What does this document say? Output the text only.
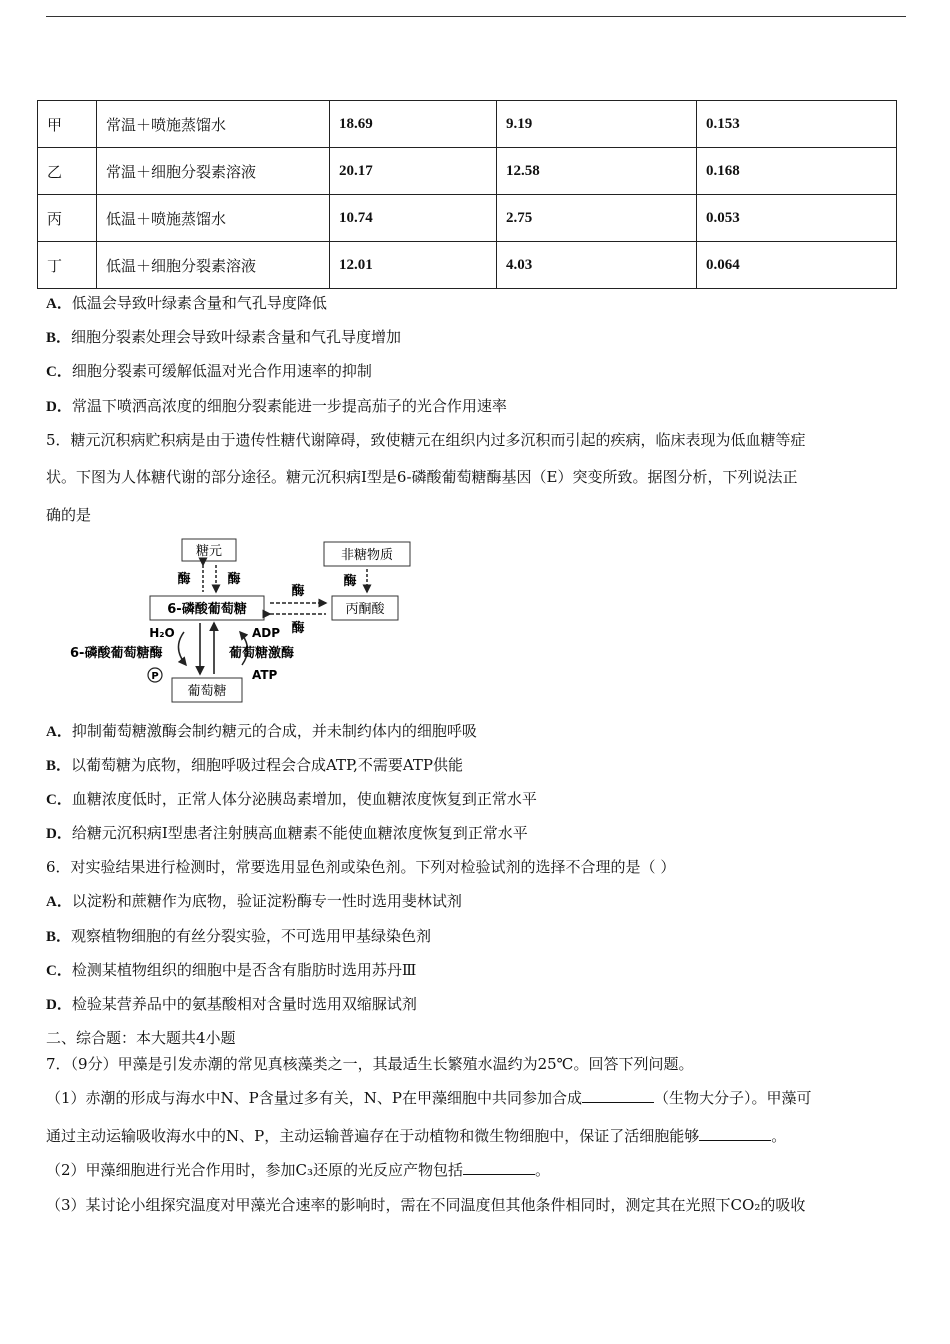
甲	常温＋喷施蒸馏水	18.69	9.19	0.153
乙	常温＋细胞分裂素溶液	20.17	12.58	0.168
丙	低温＋喷施蒸馏水	10.74	2.75	0.053
丁	低温＋细胞分裂素溶液	12.01	4.03	0.064
A．低温会导致叶绿素含量和气孔导度降低
B．细胞分裂素处理会导致叶绿素含量和气孔导度增加
C．细胞分裂素可缓解低温对光合作用速率的抑制
D．常温下喷洒高浓度的细胞分裂素能进一步提高茄子的光合作用速率
5．糖元沉积病贮积病是由于遗传性糖代谢障碍，致使糖元在组织内过多沉积而引起的疾病，临床表现为低血糖等症
状。下图为人体糖代谢的部分途径。糖元沉积病Ⅰ型是6-磷酸葡萄糖酶基因（E）突变所致。据图分析，下列说法正
确的是
糖元	非糖物质
6-磷酸葡萄糖	丙酮酸
葡萄糖
酶	酶	酶
酶
酶
H₂O
6-磷酸葡萄糖酶
P
ADP
葡萄糖激酶
ATP
A．抑制葡萄糖激酶会制约糖元的合成，并未制约体内的细胞呼吸
B．以葡萄糖为底物，细胞呼吸过程会合成ATP,不需要ATP供能
C．血糖浓度低时，正常人体分泌胰岛素增加，使血糖浓度恢复到正常水平
D．给糖元沉积病Ⅰ型患者注射胰高血糖素不能使血糖浓度恢复到正常水平
6．对实验结果进行检测时，常要选用显色剂或染色剂。下列对检验试剂的选择不合理的是（ ）
A．以淀粉和蔗糖作为底物，验证淀粉酶专一性时选用斐林试剂
B．观察植物细胞的有丝分裂实验，不可选用甲基绿染色剂
C．检测某植物组织的细胞中是否含有脂肪时选用苏丹Ⅲ
D．检验某营养品中的氨基酸相对含量时选用双缩脲试剂
二、综合题：本大题共4小题
7．（9分）甲藻是引发赤潮的常见真核藻类之一，其最适生长繁殖水温约为25℃。回答下列问题。
（1）赤潮的形成与海水中N、P含量过多有关，N、P在甲藻细胞中共同参加合成	（生物大分子）。甲藻可
通过主动运输吸收海水中的N、P，主动运输普遍存在于动植物和微生物细胞中，保证了活细胞能够	。
（2）甲藻细胞进行光合作用时，参加C₃还原的光反应产物包括	。
（3）某讨论小组探究温度对甲藻光合速率的影响时，需在不同温度但其他条件相同时，测定其在光照下CO₂的吸收
